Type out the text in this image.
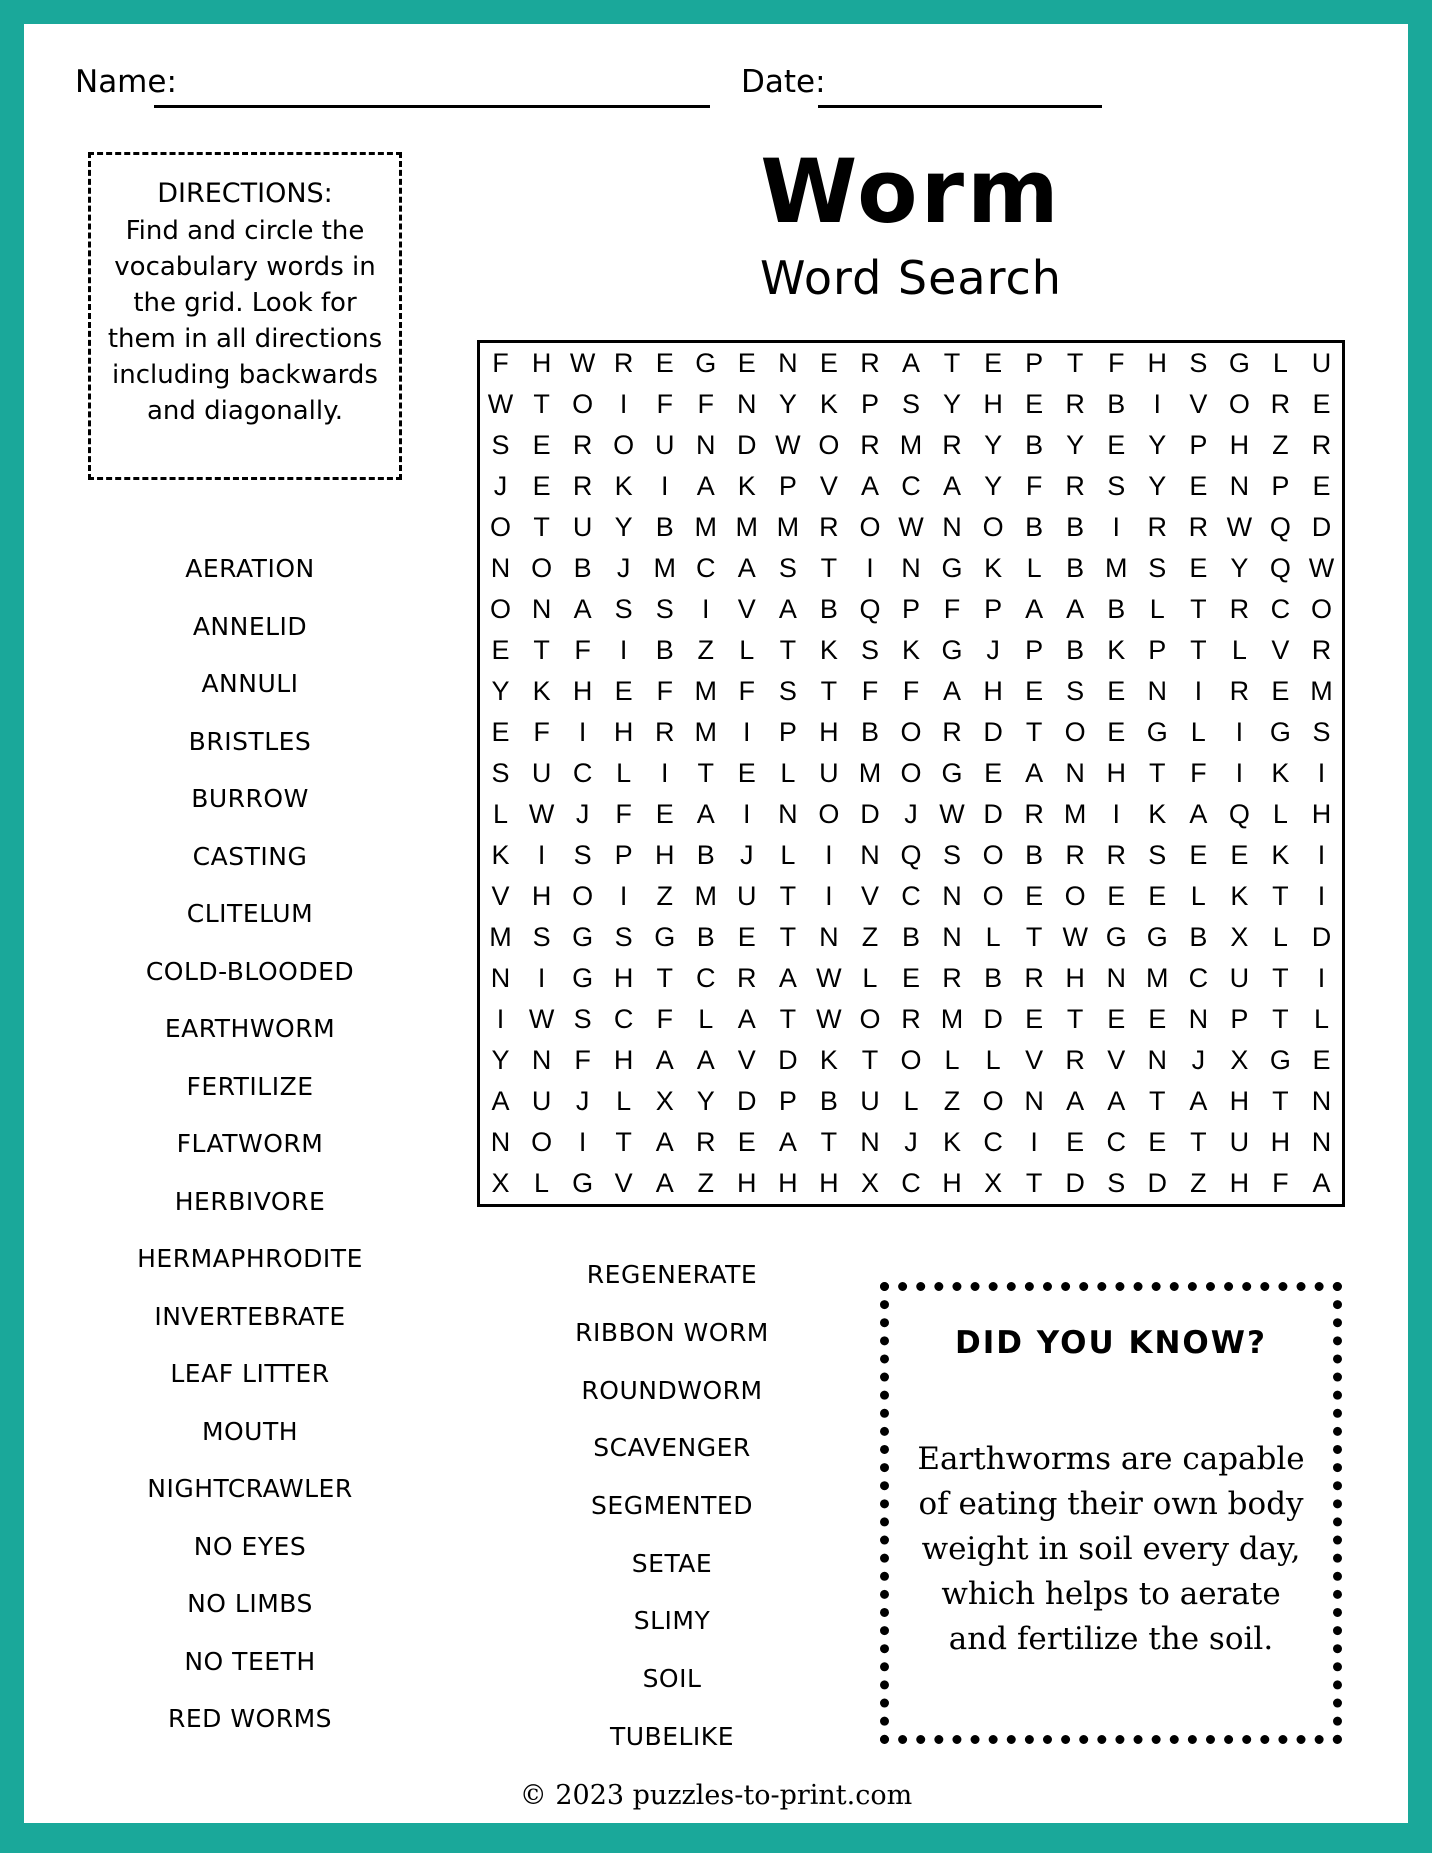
Name:	Date:
DIRECTIONS:
Find and circle the vocabulary words in the grid. Look for them in all directions including backwards and diagonally.
Worm
Word Search
F H W R E G E N E R A T E P T F H S G L U
W T O I	F F N Y K P S Y H E R B	I	V O R E
S E R O U N D W O R M R Y B Y E Y P H Z R
J E R K	I	A K P V A C A Y F R S Y E N P E
O T U Y B M M M R O W N O B B	I	R R W Q D
N O B J M C A S T	I	N G K L B M S E Y Q W
O N A S S	I	V A B Q P F P A A B L T R C O
E T F	I	B Z L T K S K G J P B K P T L V R
Y K H E F M F S T F F A H E S E N	I	R E M
E F	I	H R M I	P H B O R D T O E G L	I G S
S U C L	I	T E L U M O G E A N H T F	I	K	I
L W J F E A	I	N O D J W D R M I	K A Q L H
K	I	S P H B J L	I	N Q S O B R R S E E K	I
V H O I	Z M U T	I	V C N O E O E E L K T	I
M S G S G B E T N Z B N L T W G G B X L D
N	I G H T C R A W L E R B R H N M C U T	I
I W S C F L A T W O R M D E T E E N P T L
Y N F H A A V D K T O L L V R V N J X G E
A U J L X Y D P B U L Z O N A A T A H T N
N O I	T A R E A T N J K C	I	E C E T U H N
X L G V A Z H H H X C H X T D S D Z H F A
AERATION
ANNELID
ANNULI
BRISTLES
BURROW
CASTING
CLITELUM
COLD-BLOODED
EARTHWORM
FERTILIZE
FLATWORM
HERBIVORE
HERMAPHRODITE
INVERTEBRATE
LEAF LITTER
MOUTH
NIGHTCRAWLER
NO EYES
NO LIMBS
NO TEETH
RED WORMS
REGENERATE
RIBBON WORM
ROUNDWORM
SCAVENGER
SEGMENTED
SETAE
SLIMY
SOIL
TUBELIKE
DID YOU KNOW?
Earthworms are capable of eating their own body weight in soil every day, which helps to aerate and fertilize the soil.
© 2023 puzzles-to-print.com
